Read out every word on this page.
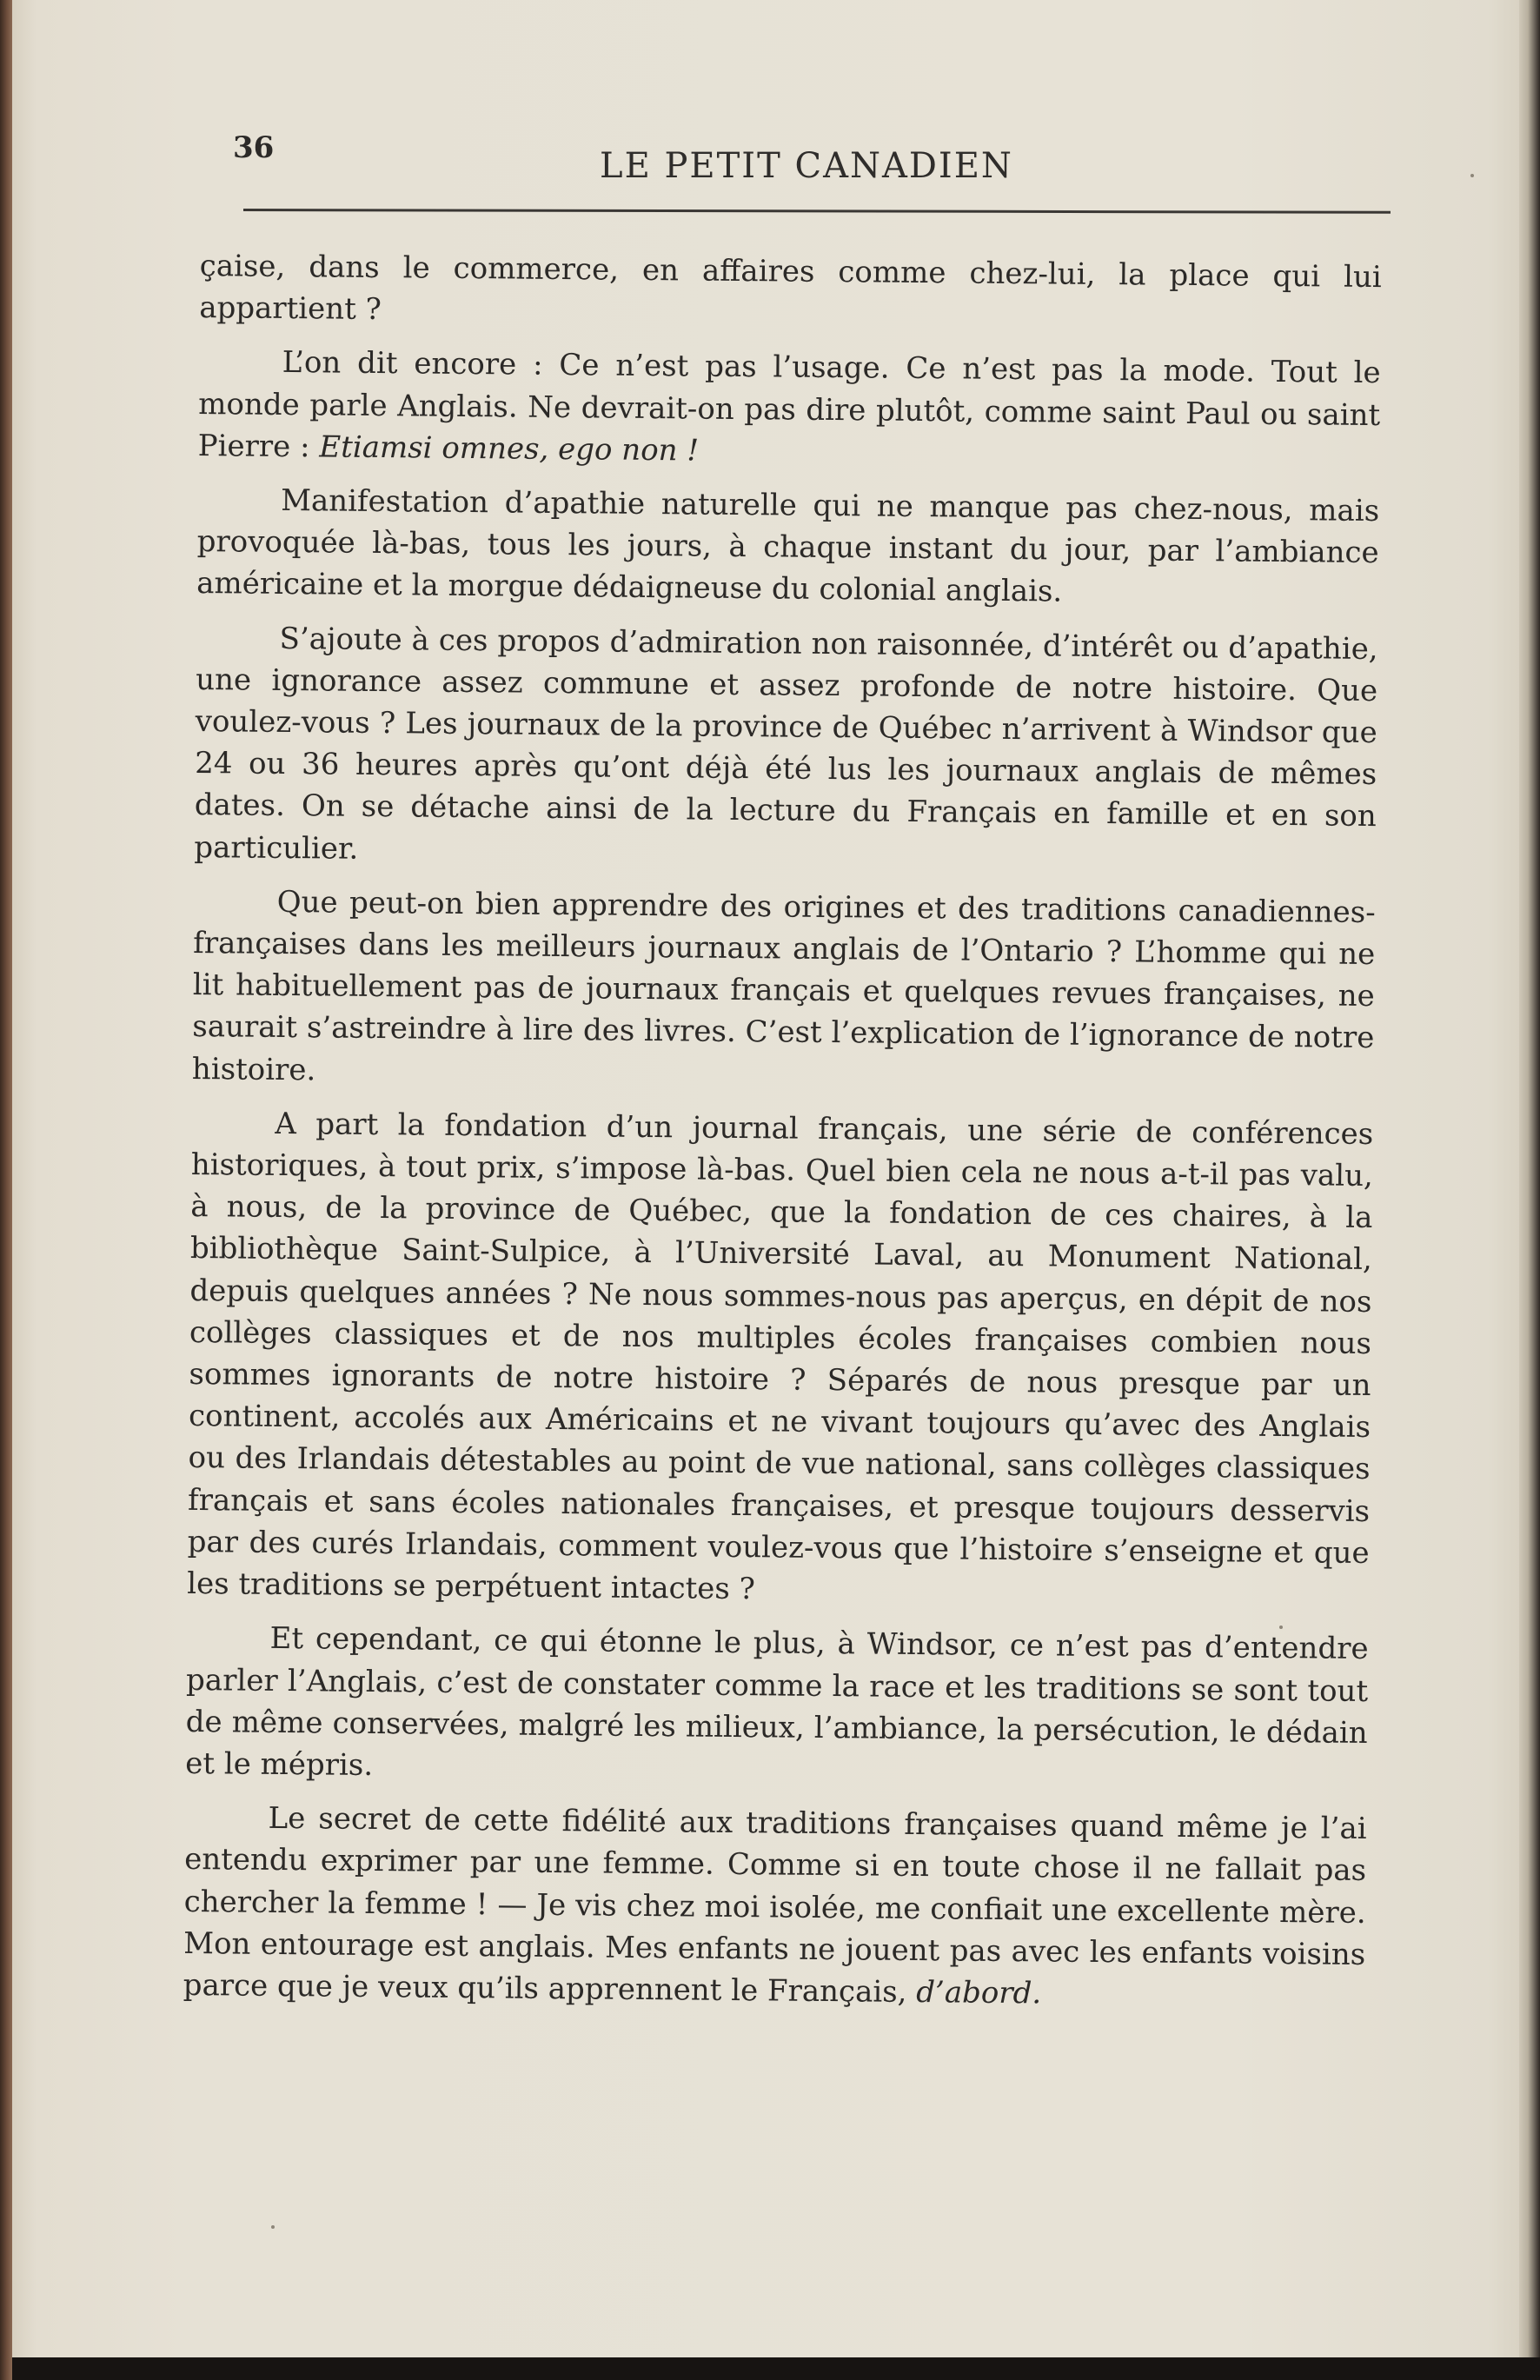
36	LE PETIT CANADIEN

çaise, dans le commerce, en affaires comme chez-lui, la place qui lui appartient ?

L’on dit encore : Ce n’est pas l’usage. Ce n’est pas la mode. Tout le monde parle Anglais. Ne devrait-on pas dire plutôt, comme saint Paul ou saint Pierre : Etiamsi omnes, ego non !

Manifestation d’apathie naturelle qui ne manque pas chez-nous, mais provoquée là-bas, tous les jours, à chaque instant du jour, par l’ambiance américaine et la morgue dédaigneuse du colonial anglais.

S’ajoute à ces propos d’admiration non raisonnée, d’intérêt ou d’apathie, une ignorance assez commune et assez profonde de notre histoire. Que voulez-vous ? Les journaux de la province de Québec n’arrivent à Windsor que 24 ou 36 heures après qu’ont déjà été lus les journaux anglais de mêmes dates. On se détache ainsi de la lecture du Français en famille et en son particulier.

Que peut-on bien apprendre des origines et des traditions canadiennes-françaises dans les meilleurs journaux anglais de l’Ontario ? L’homme qui ne lit habituellement pas de journaux français et quelques revues françaises, ne saurait s’astreindre à lire des livres. C’est l’explication de l’ignorance de notre histoire.

A part la fondation d’un journal français, une série de conférences historiques, à tout prix, s’impose là-bas. Quel bien cela ne nous a-t-il pas valu, à nous, de la province de Québec, que la fondation de ces chaires, à la bibliothèque Saint-Sulpice, à l’Université Laval, au Monument National, depuis quelques années ? Ne nous sommes-nous pas aperçus, en dépit de nos collèges classiques et de nos multiples écoles françaises combien nous sommes ignorants de notre histoire ? Séparés de nous presque par un continent, accolés aux Américains et ne vivant toujours qu’avec des Anglais ou des Irlandais détestables au point de vue national, sans collèges classiques français et sans écoles nationales françaises, et presque toujours desservis par des curés Irlandais, comment voulez-vous que l’histoire s’enseigne et que les traditions se perpétuent intactes ?

Et cependant, ce qui étonne le plus, à Windsor, ce n’est pas d’entendre parler l’Anglais, c’est de constater comme la race et les traditions se sont tout de même conservées, malgré les milieux, l’ambiance, la persécution, le dédain et le mépris.

Le secret de cette fidélité aux traditions françaises quand même je l’ai entendu exprimer par une femme. Comme si en toute chose il ne fallait pas chercher la femme ! — Je vis chez moi isolée, me confiait une excellente mère. Mon entourage est anglais. Mes enfants ne jouent pas avec les enfants voisins parce que je veux qu’ils apprennent le Français, d’abord.
